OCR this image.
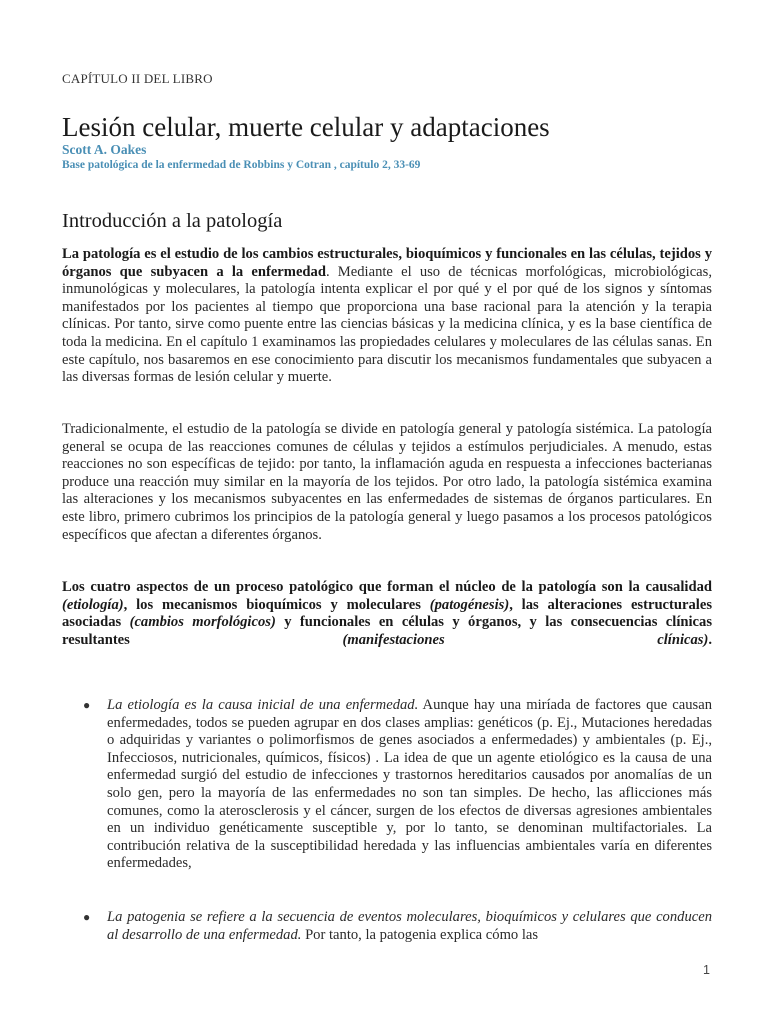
CAPÍTULO II DEL LIBRO
Lesión celular, muerte celular y adaptaciones
Scott A. Oakes
Base patológica de la enfermedad de Robbins y Cotran , capítulo 2, 33-69
Introducción a la patología

La patología es el estudio de los cambios estructurales, bioquímicos y funcionales en las células, tejidos y órganos que subyacen a la enfermedad. Mediante el uso de técnicas morfológicas, microbiológicas, inmunológicas y moleculares, la patología intenta explicar el por qué y el por qué de los signos y síntomas manifestados por los pacientes al tiempo que proporciona una base racional para la atención y la terapia clínicas. Por tanto, sirve como puente entre las ciencias básicas y la medicina clínica, y es la base científica de toda la medicina. En el capítulo 1 examinamos las propiedades celulares y moleculares de las células sanas. En este capítulo, nos basaremos en ese conocimiento para discutir los mecanismos fundamentales que subyacen a las diversas formas de lesión celular y muerte.

Tradicionalmente, el estudio de la patología se divide en patología general y patología sistémica. La patología general se ocupa de las reacciones comunes de células y tejidos a estímulos perjudiciales. A menudo, estas reacciones no son específicas de tejido: por tanto, la inflamación aguda en respuesta a infecciones bacterianas produce una reacción muy similar en la mayoría de los tejidos. Por otro lado, la patología sistémica examina las alteraciones y los mecanismos subyacentes en las enfermedades de sistemas de órganos particulares. En este libro, primero cubrimos los principios de la patología general y luego pasamos a los procesos patológicos específicos que afectan a diferentes órganos.

Los cuatro aspectos de un proceso patológico que forman el núcleo de la patología son la causalidad (etiología), los mecanismos bioquímicos y moleculares (patogénesis), las alteraciones estructurales asociadas (cambios morfológicos) y funcionales en células y órganos, y las consecuencias clínicas resultantes (manifestaciones clínicas).

● La etiología es la causa inicial de una enfermedad. Aunque hay una miríada de factores que causan enfermedades, todos se pueden agrupar en dos clases amplias: genéticos (p. Ej., Mutaciones heredadas o adquiridas y variantes o polimorfismos de genes asociados a enfermedades) y ambientales (p. Ej., Infecciosos, nutricionales, químicos, físicos) . La idea de que un agente etiológico es la causa de una enfermedad surgió del estudio de infecciones y trastornos hereditarios causados por anomalías de un solo gen, pero la mayoría de las enfermedades no son tan simples. De hecho, las aflicciones más comunes, como la aterosclerosis y el cáncer, surgen de los efectos de diversas agresiones ambientales en un individuo genéticamente susceptible y, por lo tanto, se denominan multifactoriales. La contribución relativa de la susceptibilidad heredada y las influencias ambientales varía en diferentes enfermedades,
● La patogenia se refiere a la secuencia de eventos moleculares, bioquímicos y celulares que conducen al desarrollo de una enfermedad. Por tanto, la patogenia explica cómo las
1
